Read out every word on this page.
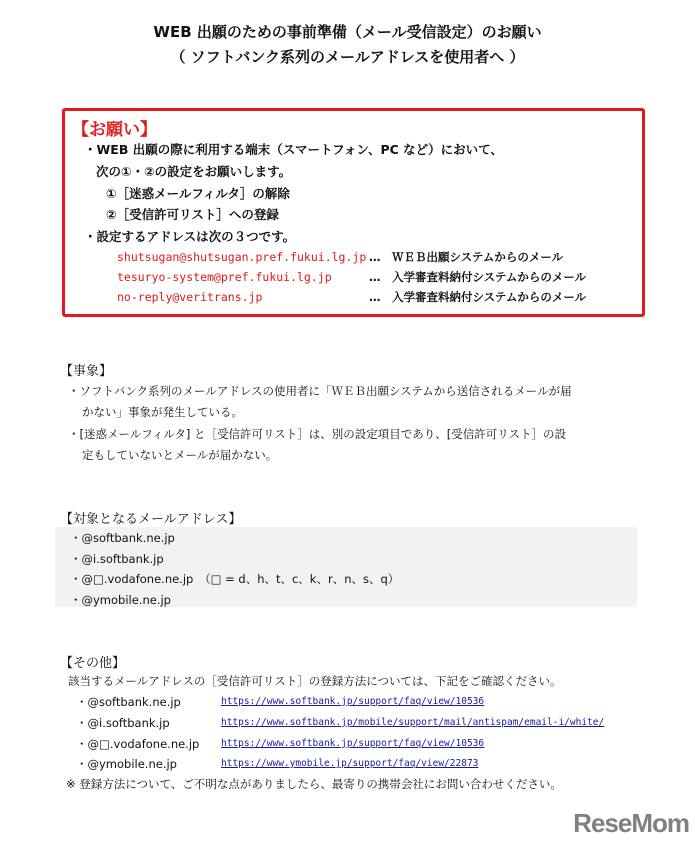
WEB 出願のための事前準備（メール受信設定）のお願い
（ ソフトバンク系列のメールアドレスを使用者へ ）
【お願い】
・WEB 出願の際に利用する端末（スマートフォン、PC など）において、
次の①・②の設定をお願いします。
①［迷惑メールフィルタ］の解除
②［受信許可リスト］への登録
・設定するアドレスは次の３つです。
shutsugan@shutsugan.pref.fukui.lg.jp …　ＷＥＢ出願システムからのメール
tesuryo-system@pref.fukui.lg.jp	…　入学審査料納付システムからのメール
no-reply@veritrans.jp	…　入学審査料納付システムからのメール
【事象】
・ソフトバンク系列のメールアドレスの使用者に「ＷＥＢ出願システムから送信されるメールが届
かない」事象が発生している。
・[迷惑メールフィルタ] と［受信許可リスト］は、別の設定項目であり、[受信許可リスト］の設
定もしていないとメールが届かない。
【対象となるメールアドレス】
・@softbank.ne.jp
・@i.softbank.jp
・@□.vodafone.ne.jp　（□ = d、h、t、c、k、r、n、s、q）
・@ymobile.ne.jp
【その他】
該当するメールアドレスの［受信許可リスト］の登録方法については、下記をご確認ください。
・@softbank.ne.jp	https://www.softbank.jp/support/faq/view/10536
・@i.softbank.jp	https://www.softbank.jp/mobile/support/mail/antispam/email-i/white/
・@□.vodafone.ne.jp https://www.softbank.jp/support/faq/view/10536
・@ymobile.ne.jp	https://www.ymobile.jp/support/faq/view/22873
※ 登録方法について、ご不明な点がありましたら、最寄りの携帯会社にお問い合わせください。
ReseMom
